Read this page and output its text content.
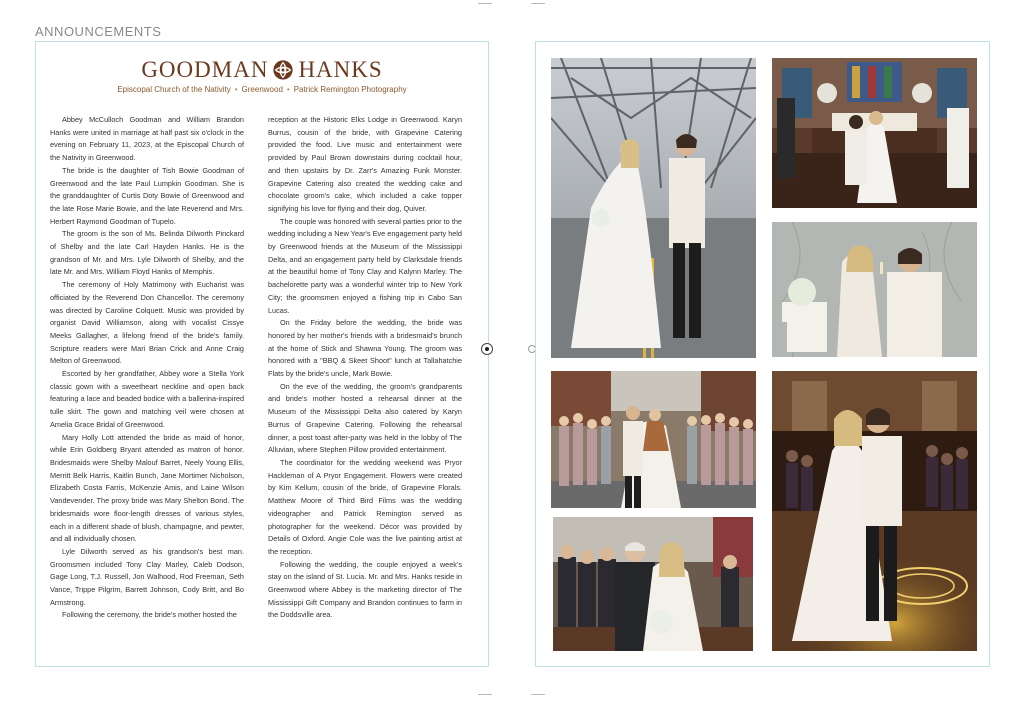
ANNOUNCEMENTS
GOODMAN HANKS
Episcopal Church of the Nativity • Greenwood • Patrick Remington Photography

Abbey McCulloch Goodman and William Brandon Hanks were united in marriage at half past six o'clock in the evening on February 11, 2023, at the Episcopal Church of the Nativity in Greenwood.

The bride is the daughter of Tish Bowie Goodman of Greenwood and the late Paul Lumpkin Goodman. She is the granddaughter of Curtis Doty Bowie of Greenwood and the late Rose Marie Bowie, and the late Reverend and Mrs. Herbert Raymond Goodman of Tupelo.

The groom is the son of Ms. Belinda Dilworth Pinckard of Shelby and the late Carl Hayden Hanks. He is the grandson of Mr. and Mrs. Lyle Dilworth of Shelby, and the late Mr. and Mrs. William Floyd Hanks of Memphis.

The ceremony of Holy Matrimony with Eucharist was officiated by the Reverend Don Chancellor. The ceremony was directed by Caroline Colquett. Music was provided by organist David Williamson, along with vocalist Cissye Meeks Gallagher, a lifelong friend of the bride's family. Scripture readers were Mari Brian Crick and Anne Craig Melton of Greenwood.

Escorted by her grandfather, Abbey wore a Stella York classic gown with a sweetheart neckline and open back featuring a lace and beaded bodice with a ballerina-inspired tulle skirt. The gown and matching veil were chosen at Amelia Grace Bridal of Greenwood.

Mary Holly Lott attended the bride as maid of honor, while Erin Goldberg Bryant attended as matron of honor. Bridesmaids were Shelby Malouf Barret, Neely Young Ellis, Merritt Belk Harris, Kaitlin Bunch, Jane Mortimer Nicholson, Elizabeth Costa Farris, McKenzie Amis, and Laine Wilson Vandevender. The proxy bride was Mary Shelton Bond. The bridesmaids wore floor-length dresses of various styles, each in a different shade of blush, champagne, and pewter, and all individually chosen.

Lyle Dilworth served as his grandson's best man. Groomsmen included Tony Clay Marley, Caleb Dodson, Gage Long, T.J. Russell, Jon Walhood, Rod Freeman, Seth Vance, Trippe Pilgrim, Barrett Johnson, Cody Britt, and Bo Armstrong.

Following the ceremony, the bride's mother hosted the

reception at the Historic Elks Lodge in Greenwood. Karyn Burrus, cousin of the bride, with Grapevine Catering provided the food. Live music and entertainment were provided by Paul Brown downstairs during cocktail hour, and then upstairs by Dr. Zarr's Amazing Funk Monster. Grapevine Catering also created the wedding cake and chocolate groom's cake, which included a cake topper signifying his love for flying and their dog, Quiver.

The couple was honored with several parties prior to the wedding including a New Year's Eve engagement party held by Greenwood friends at the Museum of the Mississippi Delta, and an engagement party held by Clarksdale friends at the beautiful home of Tony Clay and Kalynn Marley. The bachelorette party was a wonderful winter trip to New York City; the groomsmen enjoyed a fishing trip in Cabo San Lucas.

On the Friday before the wedding, the bride was honored by her mother's friends with a bridesmaid's brunch at the home of Stick and Shawna Young. The groom was honored with a "BBQ & Skeet Shoot" lunch at Tallahatchie Flats by the bride's uncle, Mark Bowie.

On the eve of the wedding, the groom's grandparents and bride's mother hosted a rehearsal dinner at the Museum of the Mississippi Delta also catered by Karyn Burrus of Grapevine Catering. Following the rehearsal dinner, a post toast after-party was held in the lobby of The Alluvian, where Stephen Pillow provided entertainment.

The coordinator for the wedding weekend was Pryor Hackleman of A Pryor Engagement. Flowers were created by Kim Kellum, cousin of the bride, of Grapevine Florals. Matthew Moore of Third Bird Films was the wedding videographer and Patrick Remington served as photographer for the weekend. Décor was provided by Details of Oxford. Angie Cole was the live painting artist at the reception.

Following the wedding, the couple enjoyed a week's stay on the island of St. Lucia. Mr. and Mrs. Hanks reside in Greenwood where Abbey is the marketing director of The Mississippi Gift Company and Brandon continues to farm in the Doddsville area.
